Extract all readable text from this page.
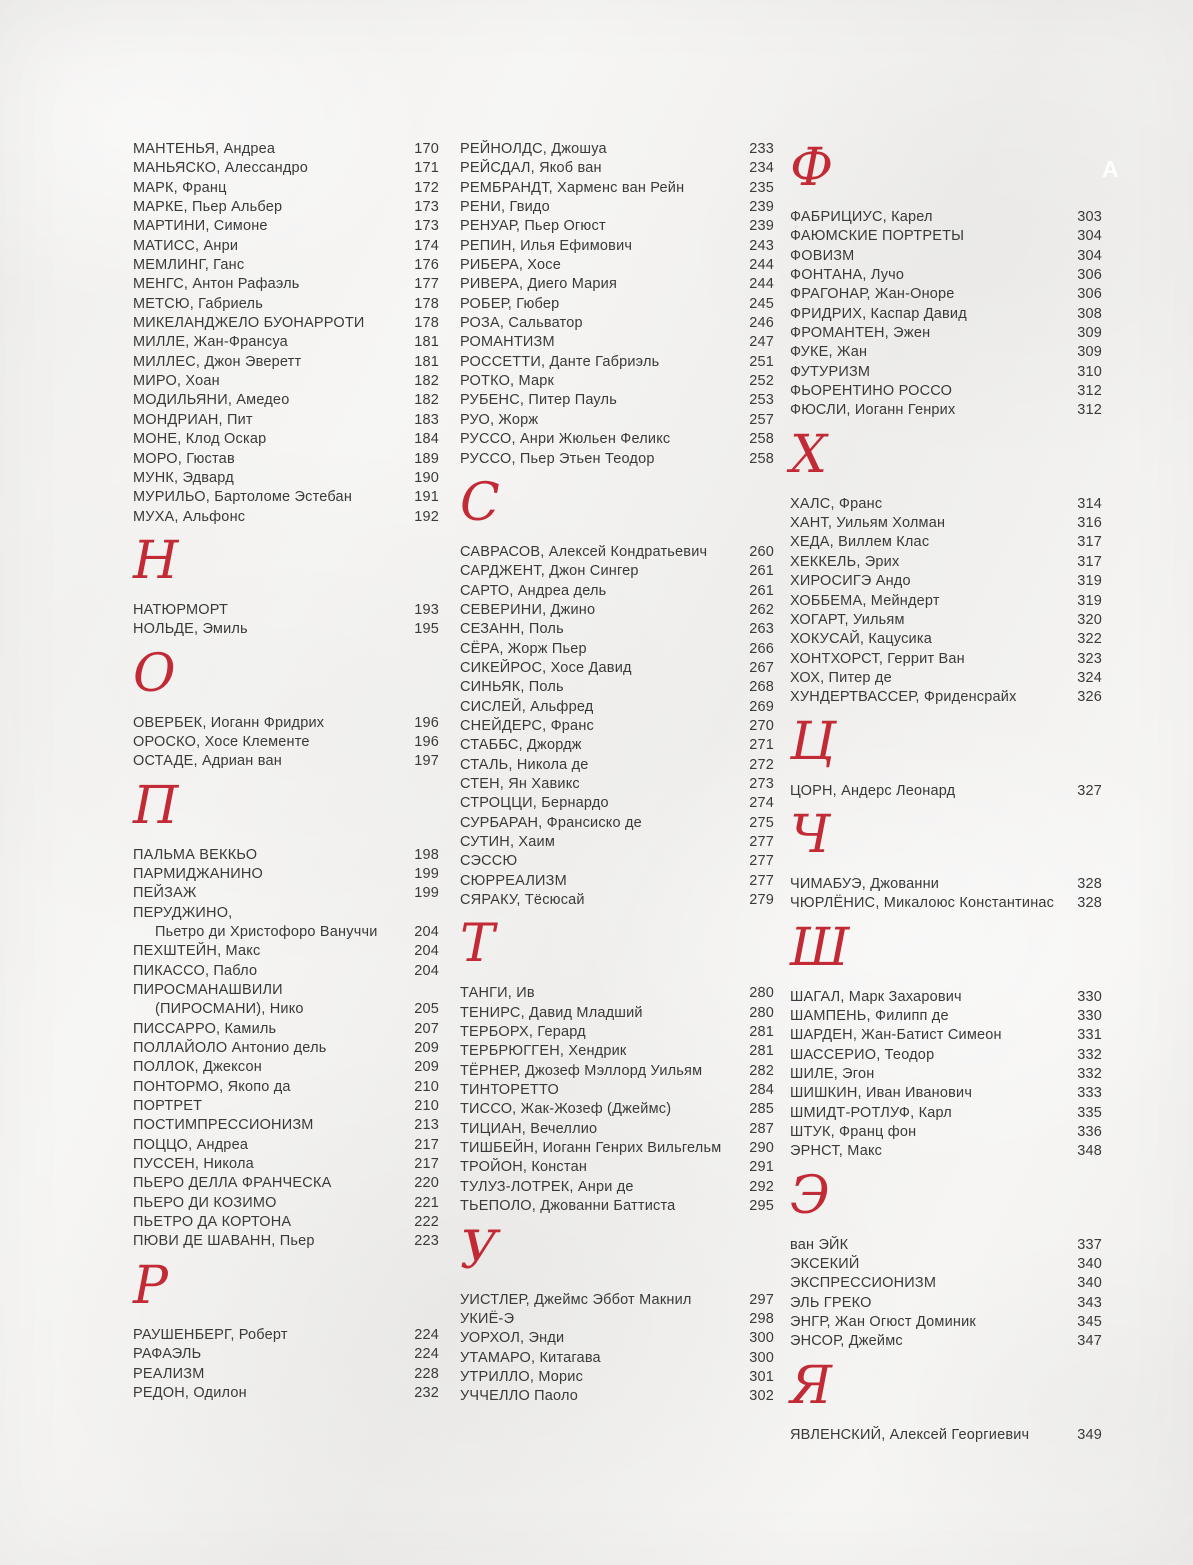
A
МАНТЕНЬЯ, Андреа	170
МАНЬЯСКО, Алессандро	171
МАРК, Франц	172
МАРКЕ, Пьер Альбер	173
МАРТИНИ, Симоне	173
МАТИСС, Анри	174
МЕМЛИНГ, Ганс	176
МЕНГС, Антон Рафаэль	177
МЕТСЮ, Габриель	178
МИКЕЛАНДЖЕЛО БУОНАРРОТИ	178
МИЛЛЕ, Жан-Франсуа	181
МИЛЛЕС, Джон Эверетт	181
МИРО, Хоан	182
МОДИЛЬЯНИ, Амедео	182
МОНДРИАН, Пит	183
МОНЕ, Клод Оскар	184
МОРО, Гюстав	189
МУНК, Эдвард	190
МУРИЛЬО, Бартоломе Эстебан	191
МУХА, Альфонс	192
Н
НАТЮРМОРТ	193
НОЛЬДЕ, Эмиль	195
О
ОВЕРБЕК, Иоганн Фридрих	196
ОРОСКО, Хосе Клементе	196
ОСТАДЕ, Адриан ван	197
П
ПАЛЬМА ВЕККЬО	198
ПАРМИДЖАНИНО	199
ПЕЙЗАЖ	199
ПЕРУДЖИНО,
Пьетро ди Христофоро Вануччи	204
ПЕХШТЕЙН, Макс	204
ПИКАССО, Пабло	204
ПИРОСМАНАШВИЛИ
(ПИРОСМАНИ), Нико	205
ПИССАРРО, Камиль	207
ПОЛЛАЙОЛО Антонио дель	209
ПОЛЛОК, Джексон	209
ПОНТОРМО, Якопо да	210
ПОРТРЕТ	210
ПОСТИМПРЕССИОНИЗМ	213
ПОЦЦО, Андреа	217
ПУССЕН, Никола	217
ПЬЕРО ДЕЛЛА ФРАНЧЕСКА	220
ПЬЕРО ДИ КОЗИМО	221
ПЬЕТРО ДА КОРТОНА	222
ПЮВИ ДЕ ШАВАНН, Пьер	223
Р
РАУШЕНБЕРГ, Роберт	224
РАФАЭЛЬ	224
РЕАЛИЗМ	228
РЕДОН, Одилон	232
РЕЙНОЛДС, Джошуа	233
РЕЙСДАЛ, Якоб ван	234
РЕМБРАНДТ, Харменс ван Рейн	235
РЕНИ, Гвидо	239
РЕНУАР, Пьер Огюст	239
РЕПИН, Илья Ефимович	243
РИБЕРА, Хосе	244
РИВЕРА, Диего Мария	244
РОБЕР, Гюбер	245
РОЗА, Сальватор	246
РОМАНТИЗМ	247
РОССЕТТИ, Данте Габриэль	251
РОТКО, Марк	252
РУБЕНС, Питер Пауль	253
РУО, Жорж	257
РУССО, Анри Жюльен Феликс	258
РУССО, Пьер Этьен Теодор	258
С
САВРАСОВ, Алексей Кондратьевич	260
САРДЖЕНТ, Джон Сингер	261
САРТО, Андреа дель	261
СЕВЕРИНИ, Джино	262
СЕЗАНН, Поль	263
СЁРА, Жорж Пьер	266
СИКЕЙРОС, Хосе Давид	267
СИНЬЯК, Поль	268
СИСЛЕЙ, Альфред	269
СНЕЙДЕРС, Франс	270
СТАББС, Джордж	271
СТАЛЬ, Никола де	272
СТЕН, Ян Хавикс	273
СТРОЦЦИ, Бернардо	274
СУРБАРАН, Франсиско де	275
СУТИН, Хаим	277
СЭССЮ	277
СЮРРЕАЛИЗМ	277
СЯРАКУ, Тёсюсай	279
Т
ТАНГИ, Ив	280
ТЕНИРС, Давид Младший	280
ТЕРБОРХ, Герард	281
ТЕРБРЮГГЕН, Хендрик	281
ТЁРНЕР, Джозеф Мэллорд Уильям	282
ТИНТОРЕТТО	284
ТИССО, Жак-Жозеф (Джеймс)	285
ТИЦИАН, Вечеллио	287
ТИШБЕЙН, Иоганн Генрих Вильгельм	290
ТРОЙОН, Констан	291
ТУЛУЗ-ЛОТРЕК, Анри де	292
ТЬЕПОЛО, Джованни Баттиста	295
У
УИСТЛЕР, Джеймс Эббот Макнил	297
УКИЁ-Э	298
УОРХОЛ, Энди	300
УТАМАРО, Китагава	300
УТРИЛЛО, Морис	301
УЧЧЕЛЛО Паоло	302
Ф
ФАБРИЦИУС, Карел	303
ФАЮМСКИЕ ПОРТРЕТЫ	304
ФОВИЗМ	304
ФОНТАНА, Лучо	306
ФРАГОНАР, Жан-Оноре	306
ФРИДРИХ, Каспар Давид	308
ФРОМАНТЕН, Эжен	309
ФУКЕ, Жан	309
ФУТУРИЗМ	310
ФЬОРЕНТИНО РОССО	312
ФЮСЛИ, Иоганн Генрих	312
Х
ХАЛС, Франс	314
ХАНТ, Уильям Холман	316
ХЕДА, Виллем Клас	317
ХЕККЕЛЬ, Эрих	317
ХИРОСИГЭ Андо	319
ХОББЕМА, Мейндерт	319
ХОГАРТ, Уильям	320
ХОКУСАЙ, Кацусика	322
ХОНТХОРСТ, Геррит Ван	323
ХОХ, Питер де	324
ХУНДЕРТВАССЕР, Фриденсрайх	326
Ц
ЦОРН, Андерс Леонард	327
Ч
ЧИМАБУЭ, Джованни	328
ЧЮРЛЁНИС, Микалоюс Константинас	328
Ш
ШАГАЛ, Марк Захарович	330
ШАМПЕНЬ, Филипп де	330
ШАРДЕН, Жан-Батист Симеон	331
ШАССЕРИО, Теодор	332
ШИЛЕ, Эгон	332
ШИШКИН, Иван Иванович	333
ШМИДТ-РОТЛУФ, Карл	335
ШТУК, Франц фон	336
ЭРНСТ, Макс	348
Э
ван ЭЙК	337
ЭКСЕКИЙ	340
ЭКСПРЕССИОНИЗМ	340
ЭЛЬ ГРЕКО	343
ЭНГР, Жан Огюст Доминик	345
ЭНСОР, Джеймс	347
Я
ЯВЛЕНСКИЙ, Алексей Георгиевич	349
